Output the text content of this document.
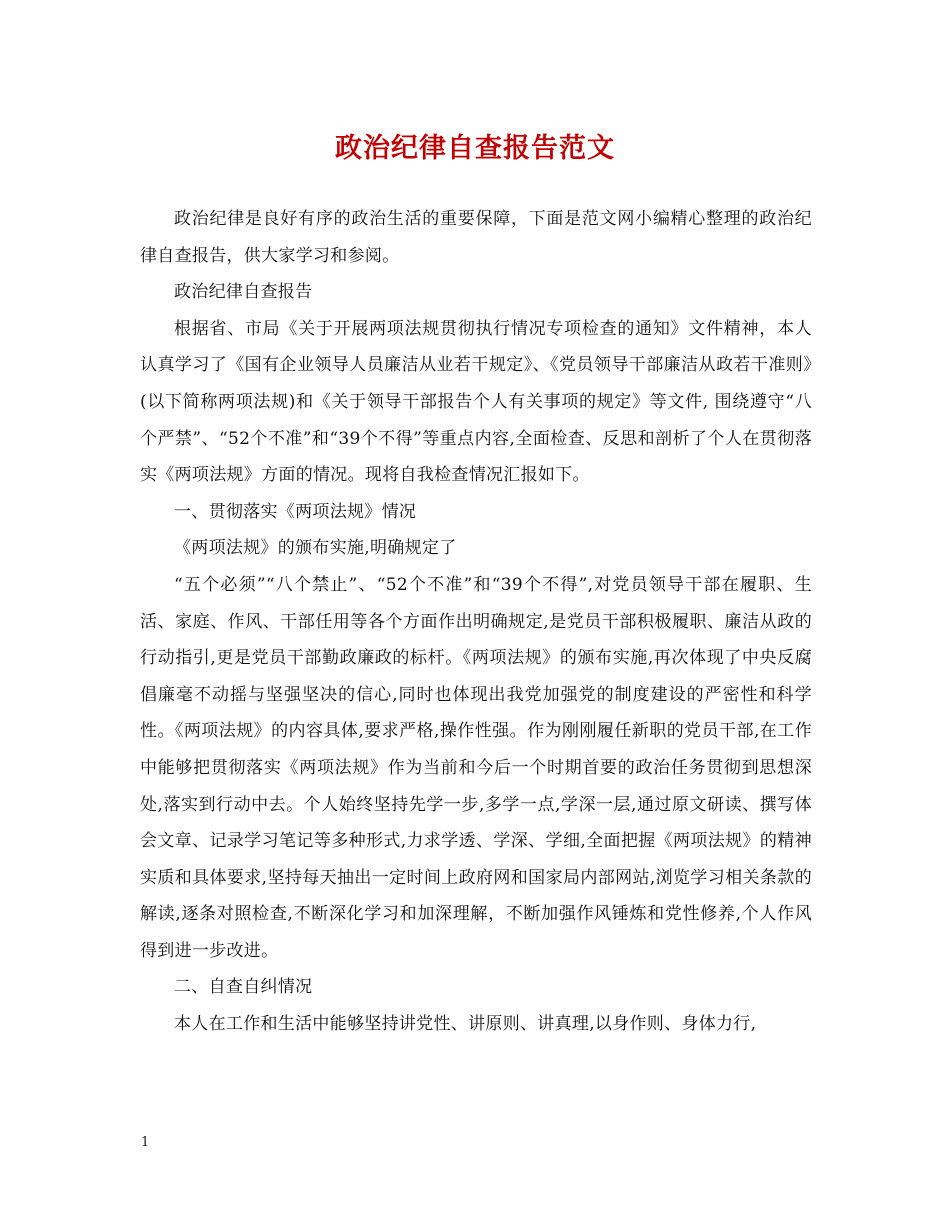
政治纪律自查报告范文

政治纪律是良好有序的政治生活的重要保障，下面是范文网小编精心整理的政治纪律自查报告，供大家学习和参阅。

政治纪律自查报告

根据省、市局《关于开展两项法规贯彻执行情况专项检查的通知》文件精神，本人认真学习了《国有企业领导人员廉洁从业若干规定》、《党员领导干部廉洁从政若干准则》(以下简称两项法规)和《关于领导干部报告个人有关事项的规定》等文件, 围绕遵守“八个严禁”、“52个不准”和“39个不得”等重点内容,全面检查、反思和剖析了个人在贯彻落实《两项法规》方面的情况。现将自我检查情况汇报如下。

一、贯彻落实《两项法规》情况

《两项法规》的颁布实施,明确规定了

“五个必须”“八个禁止”、“52个不准”和“39个不得”,对党员领导干部在履职、生活、家庭、作风、干部任用等各个方面作出明确规定,是党员干部积极履职、廉洁从政的行动指引,更是党员干部勤政廉政的标杆。《两项法规》的颁布实施,再次体现了中央反腐倡廉毫不动摇与坚强坚决的信心,同时也体现出我党加强党的制度建设的严密性和科学性。《两项法规》的内容具体,要求严格,操作性强。作为刚刚履任新职的党员干部,在工作中能够把贯彻落实《两项法规》作为当前和今后一个时期首要的政治任务贯彻到思想深处,落实到行动中去。个人始终坚持先学一步,多学一点,学深一层,通过原文研读、撰写体会文章、记录学习笔记等多种形式,力求学透、学深、学细,全面把握《两项法规》的精神实质和具体要求,坚持每天抽出一定时间上政府网和国家局内部网站,浏览学习相关条款的解读,逐条对照检查,不断深化学习和加深理解，不断加强作风锤炼和党性修养,个人作风得到进一步改进。

二、自查自纠情况

本人在工作和生活中能够坚持讲党性、讲原则、讲真理,以身作则、身体力行,

1
